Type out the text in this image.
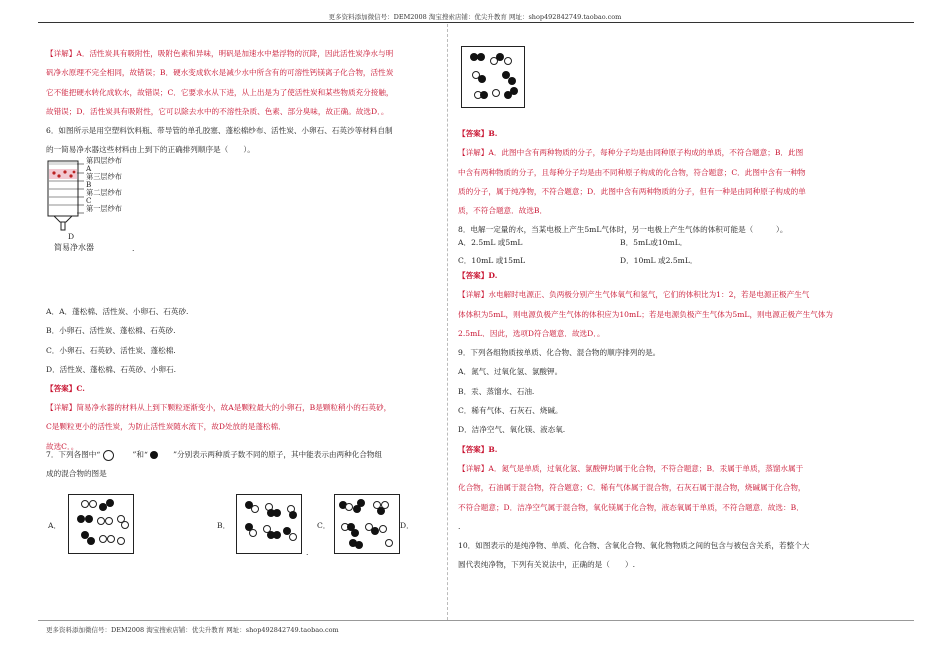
更多资料添加微信号：DEM2008 淘宝搜索店铺：优尖升教育 网址：shop492842749.taobao.com
更多资料添加微信号：DEM2008 淘宝搜索店铺：优尖升教育 网址：shop492842749.taobao.com

【详解】A．活性炭具有吸附性，吸附色素和异味，明矾是加速水中悬浮物的沉降，因此活性炭净水与明

矾净水原理不完全相同，故错误；B．硬水变成软水是减少水中所含有的可溶性钙镁离子化合物，活性炭

它不能把硬水转化成软水，故错误；C．它要求水从下进，从上出是为了使活性炭和某些物质充分接触，

故错误；D．活性炭具有吸附性，它可以除去水中的不溶性杂质、色素、部分臭味，故正确。故选D．。

6．如图所示是用空塑料饮料瓶、带导管的单孔胶塞、蓬松棉纱布、活性炭、小卵石、石英沙等材料自制

的一简易净水器这些材料由上到下的正确排列顺序是（　　）。

第四层纱布
A
第三层纱布
B
第二层纱布
C
第一层纱布
D
简易净水器	.

A．A．蓬松棉、活性炭、小卵石、石英砂.

B．小卵石、活性炭、蓬松棉、石英砂.

C．小卵石、石英砂、活性炭、蓬松棉.

D．活性炭、蓬松棉、石英砂、小卵石.

【答案】C.

【详解】简易净水器的材料从上到下颗粒逐渐变小，故A是颗粒最大的小卵石，B是颗粒稍小的石英砂，

C是颗粒更小的活性炭，为防止活性炭随水流下，故D处放的是蓬松棉．

故选C．。

7．下列各图中“	”和“	”分别表示两种质子数不同的原子，其中能表示由两种化合物组

成的混合物的图是

A．	B．	C．	D．
.

【答案】B.

【详解】A．此图中含有两种物质的分子，每种分子均是由同种原子构成的单质，不符合题意；B．此图

中含有两种物质的分子，且每种分子均是由不同种原子构成的化合物，符合题意；C．此图中含有一种物

质的分子，属于纯净物，不符合题意；D．此图中含有两种物质的分子，但有一种是由同种原子构成的单

质，不符合题意．故选B．

8．电解一定量的水，当某电极上产生5mL气体时，另一电极上产生气体的体积可能是（　　　）。

A．2.5mL 或5mL	B．5mL或10mL．
C．10mL 或15mL	D．10mL 或2.5mL．

【答案】D.

【详解】水电解时电源正、负两极分别产生气体氧气和氢气，它们的体积比为1：2，若是电源正极产生气

体体积为5mL，则电源负极产生气体的体积应为10mL；若是电源负极产生气体为5mL，则电源正极产生气体为

2.5mL．因此，选项D符合题意．故选D．。

9．下列各组物质按单质、化合物、混合物的顺序排列的是。

A．氮气、过氧化氢、氯酸钾。

B．汞、蒸馏水、石油.

C．稀有气体、石灰石、烧碱。

D．洁净空气、氧化镁、液态氧.

【答案】B.

【详解】A．氮气是单质，过氧化氢、氯酸钾均属于化合物，不符合题意；B．汞属于单质，蒸馏水属于

化合物，石油属于混合物，符合题意；C．稀有气体属于混合物，石灰石属于混合物，烧碱属于化合物，

不符合题意；D．洁净空气属于混合物，氧化镁属于化合物，液态氧属于单质，不符合题意．故选：B．

.

10．如图表示的是纯净物、单质、化合物、含氧化合物、氧化物物质之间的包含与被包含关系，若整个大

圆代表纯净物，下列有关说法中，正确的是（　　）.
